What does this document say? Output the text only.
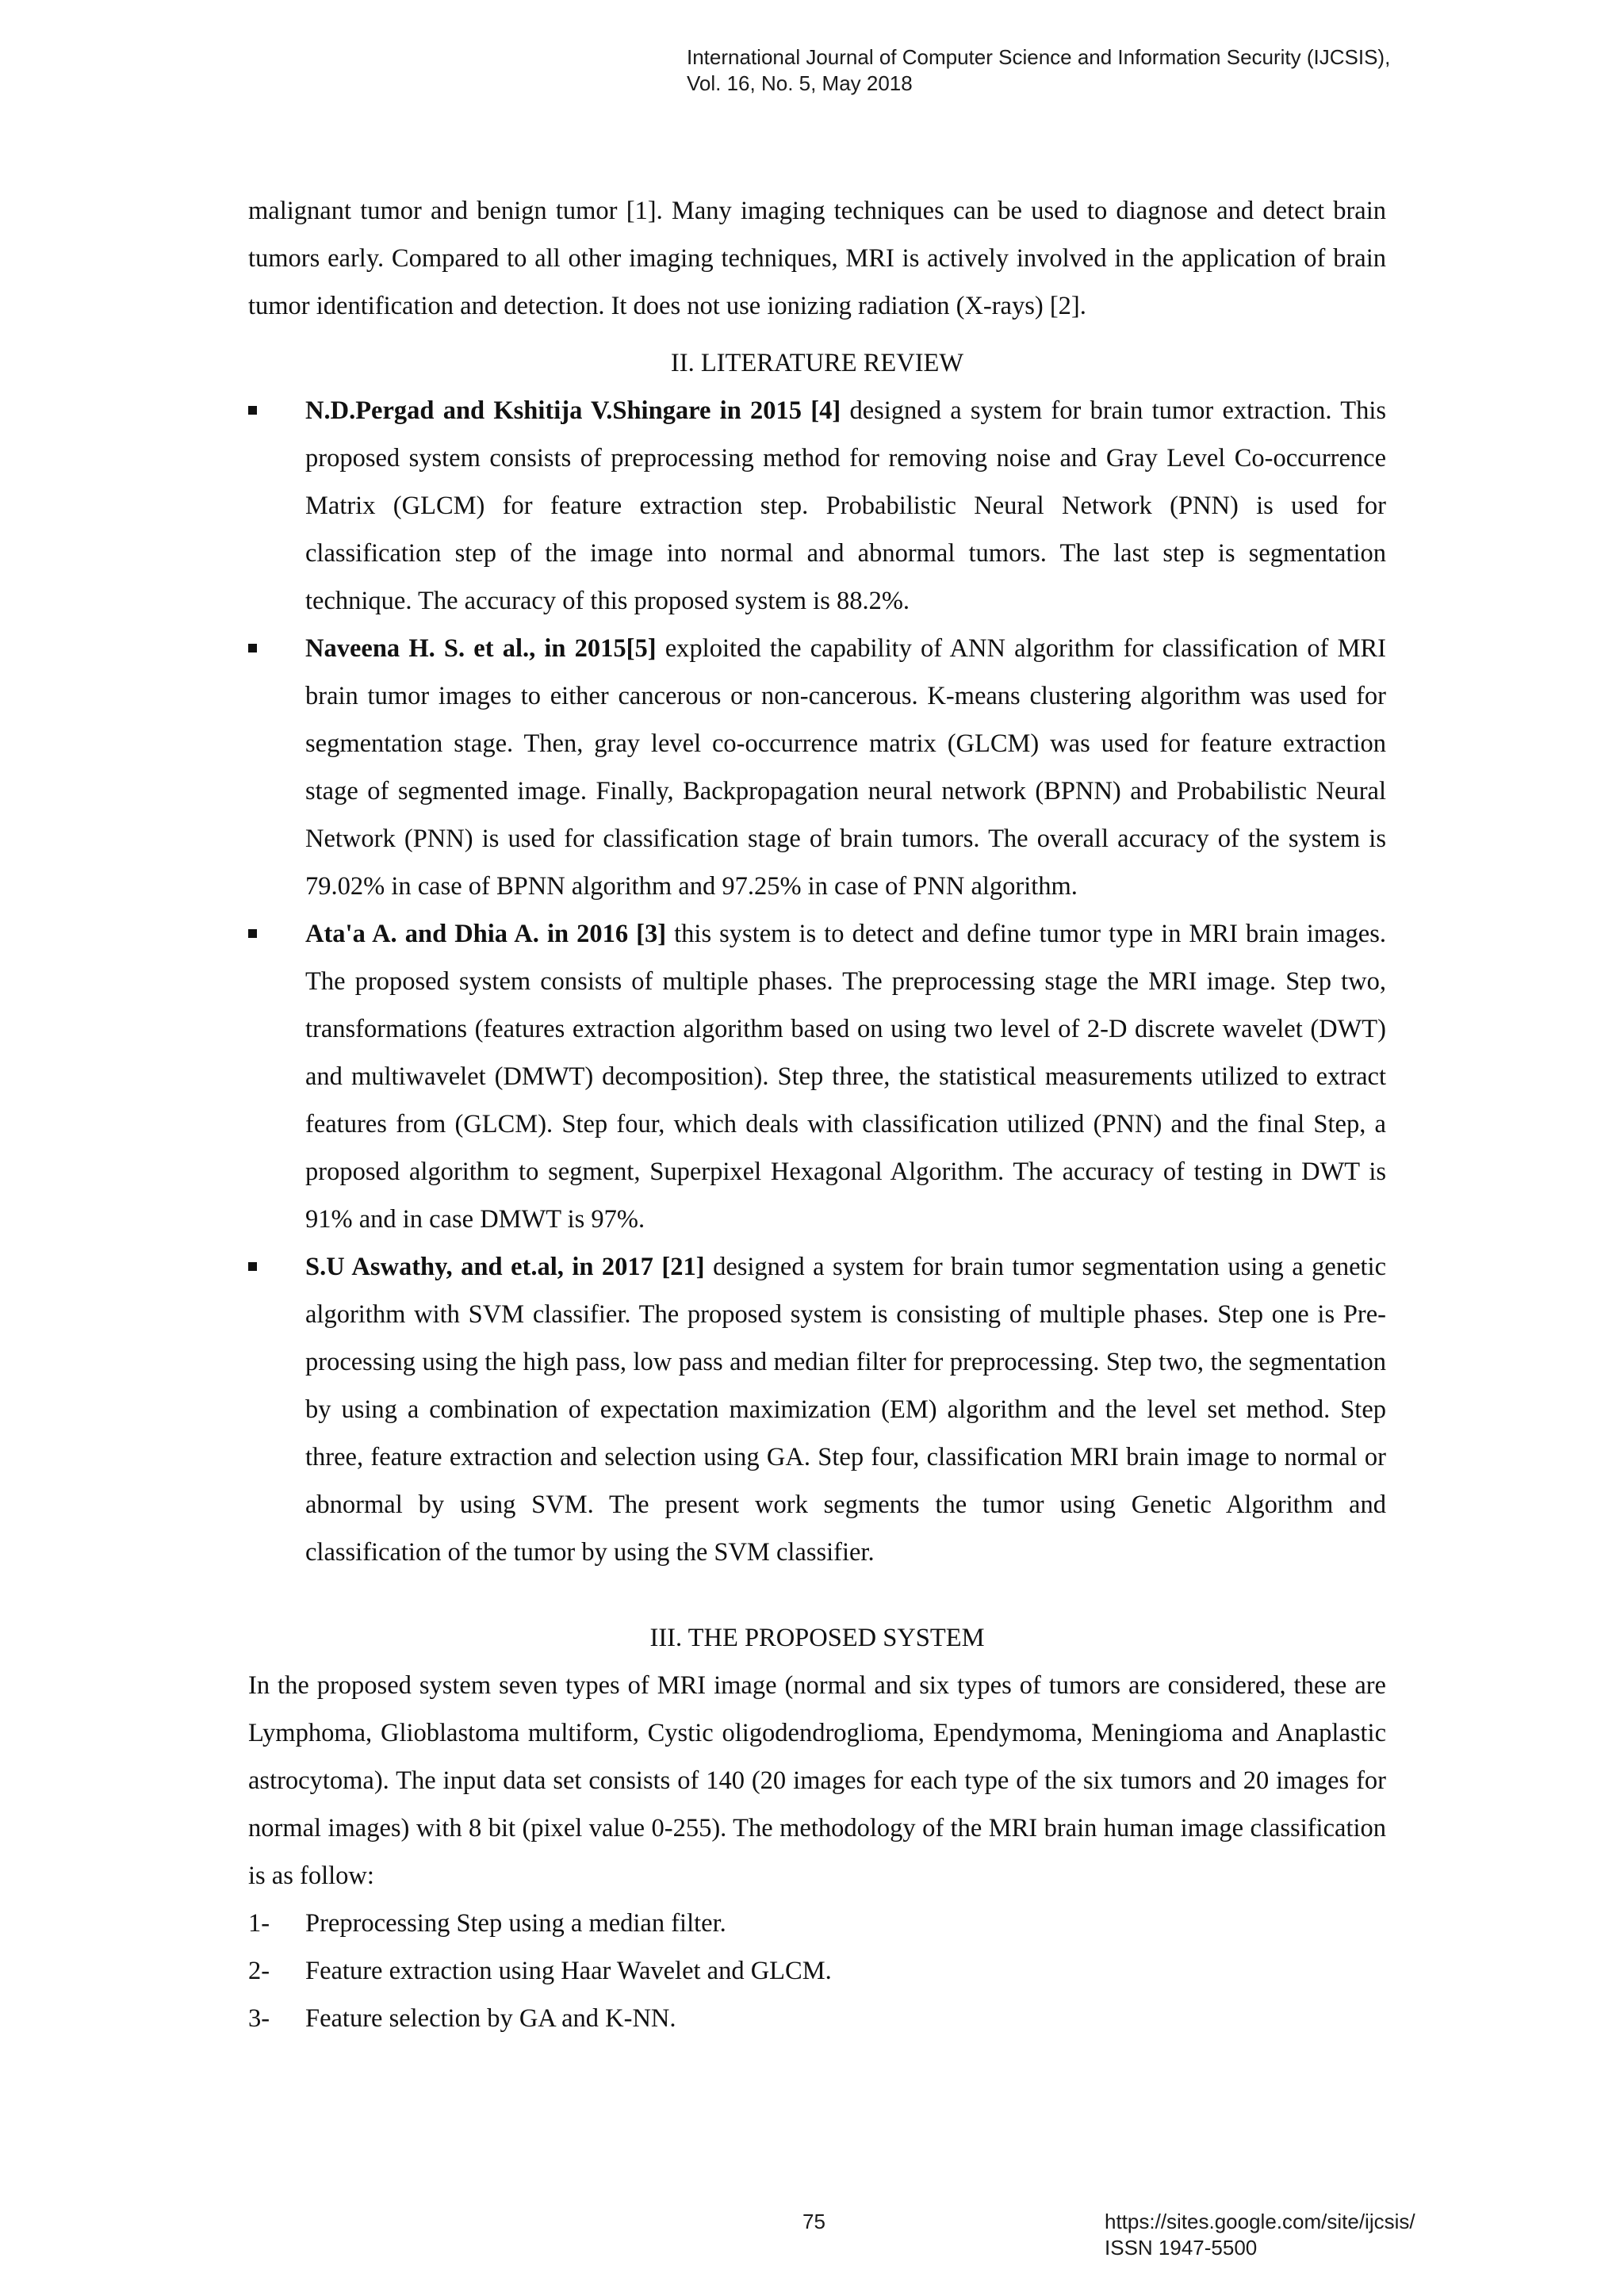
International Journal of Computer Science and Information Security (IJCSIS),
Vol. 16, No. 5, May 2018

malignant tumor and benign tumor [1]. Many imaging techniques can be used to diagnose and detect brain tumors early. Compared to all other imaging techniques, MRI is actively involved in the application of brain tumor identification and detection. It does not use ionizing radiation (X-rays) [2].

II. LITERATURE REVIEW

N.D.Pergad and Kshitija V.Shingare in 2015 [4] designed a system for brain tumor extraction. This proposed system consists of preprocessing method for removing noise and Gray Level Co-occurrence Matrix (GLCM) for feature extraction step. Probabilistic Neural Network (PNN) is used for classification step of the image into normal and abnormal tumors. The last step is segmentation technique. The accuracy of this proposed system is 88.2%.
Naveena H. S. et al., in 2015[5] exploited the capability of ANN algorithm for classification of MRI brain tumor images to either cancerous or non-cancerous. K-means clustering algorithm was used for segmentation stage. Then, gray level co-occurrence matrix (GLCM) was used for feature extraction stage of segmented image. Finally, Backpropagation neural network (BPNN) and Probabilistic Neural Network (PNN) is used for classification stage of brain tumors. The overall accuracy of the system is 79.02% in case of BPNN algorithm and 97.25% in case of PNN algorithm.
Ata'a A. and Dhia A. in 2016 [3] this system is to detect and define tumor type in MRI brain images. The proposed system consists of multiple phases. The preprocessing stage the MRI image. Step two, transformations (features extraction algorithm based on using two level of 2-D discrete wavelet (DWT) and multiwavelet (DMWT) decomposition). Step three, the statistical measurements utilized to extract features from (GLCM). Step four, which deals with classification utilized (PNN) and the final Step, a proposed algorithm to segment, Superpixel Hexagonal Algorithm. The accuracy of testing in DWT is 91% and in case DMWT is 97%.
S.U Aswathy, and et.al, in 2017 [21] designed a system for brain tumor segmentation using a genetic algorithm with SVM classifier. The proposed system is consisting of multiple phases. Step one is Pre-processing using the high pass, low pass and median filter for preprocessing. Step two, the segmentation by using a combination of expectation maximization (EM) algorithm and the level set method. Step three, feature extraction and selection using GA. Step four, classification MRI brain image to normal or abnormal by using SVM. The present work segments the tumor using Genetic Algorithm and classification of the tumor by using the SVM classifier.

III. THE PROPOSED SYSTEM

In the proposed system seven types of MRI image (normal and six types of tumors are considered, these are Lymphoma, Glioblastoma multiform, Cystic oligodendroglioma, Ependymoma, Meningioma and Anaplastic astrocytoma). The input data set consists of 140 (20 images for each type of the six tumors and 20 images for normal images) with 8 bit (pixel value 0-255). The methodology of the MRI brain human image classification is as follow:

1- Preprocessing Step using a median filter.
2- Feature extraction using Haar Wavelet and GLCM.
3- Feature selection by GA and K-NN.
75	https://sites.google.com/site/ijcsis/
ISSN 1947-5500
